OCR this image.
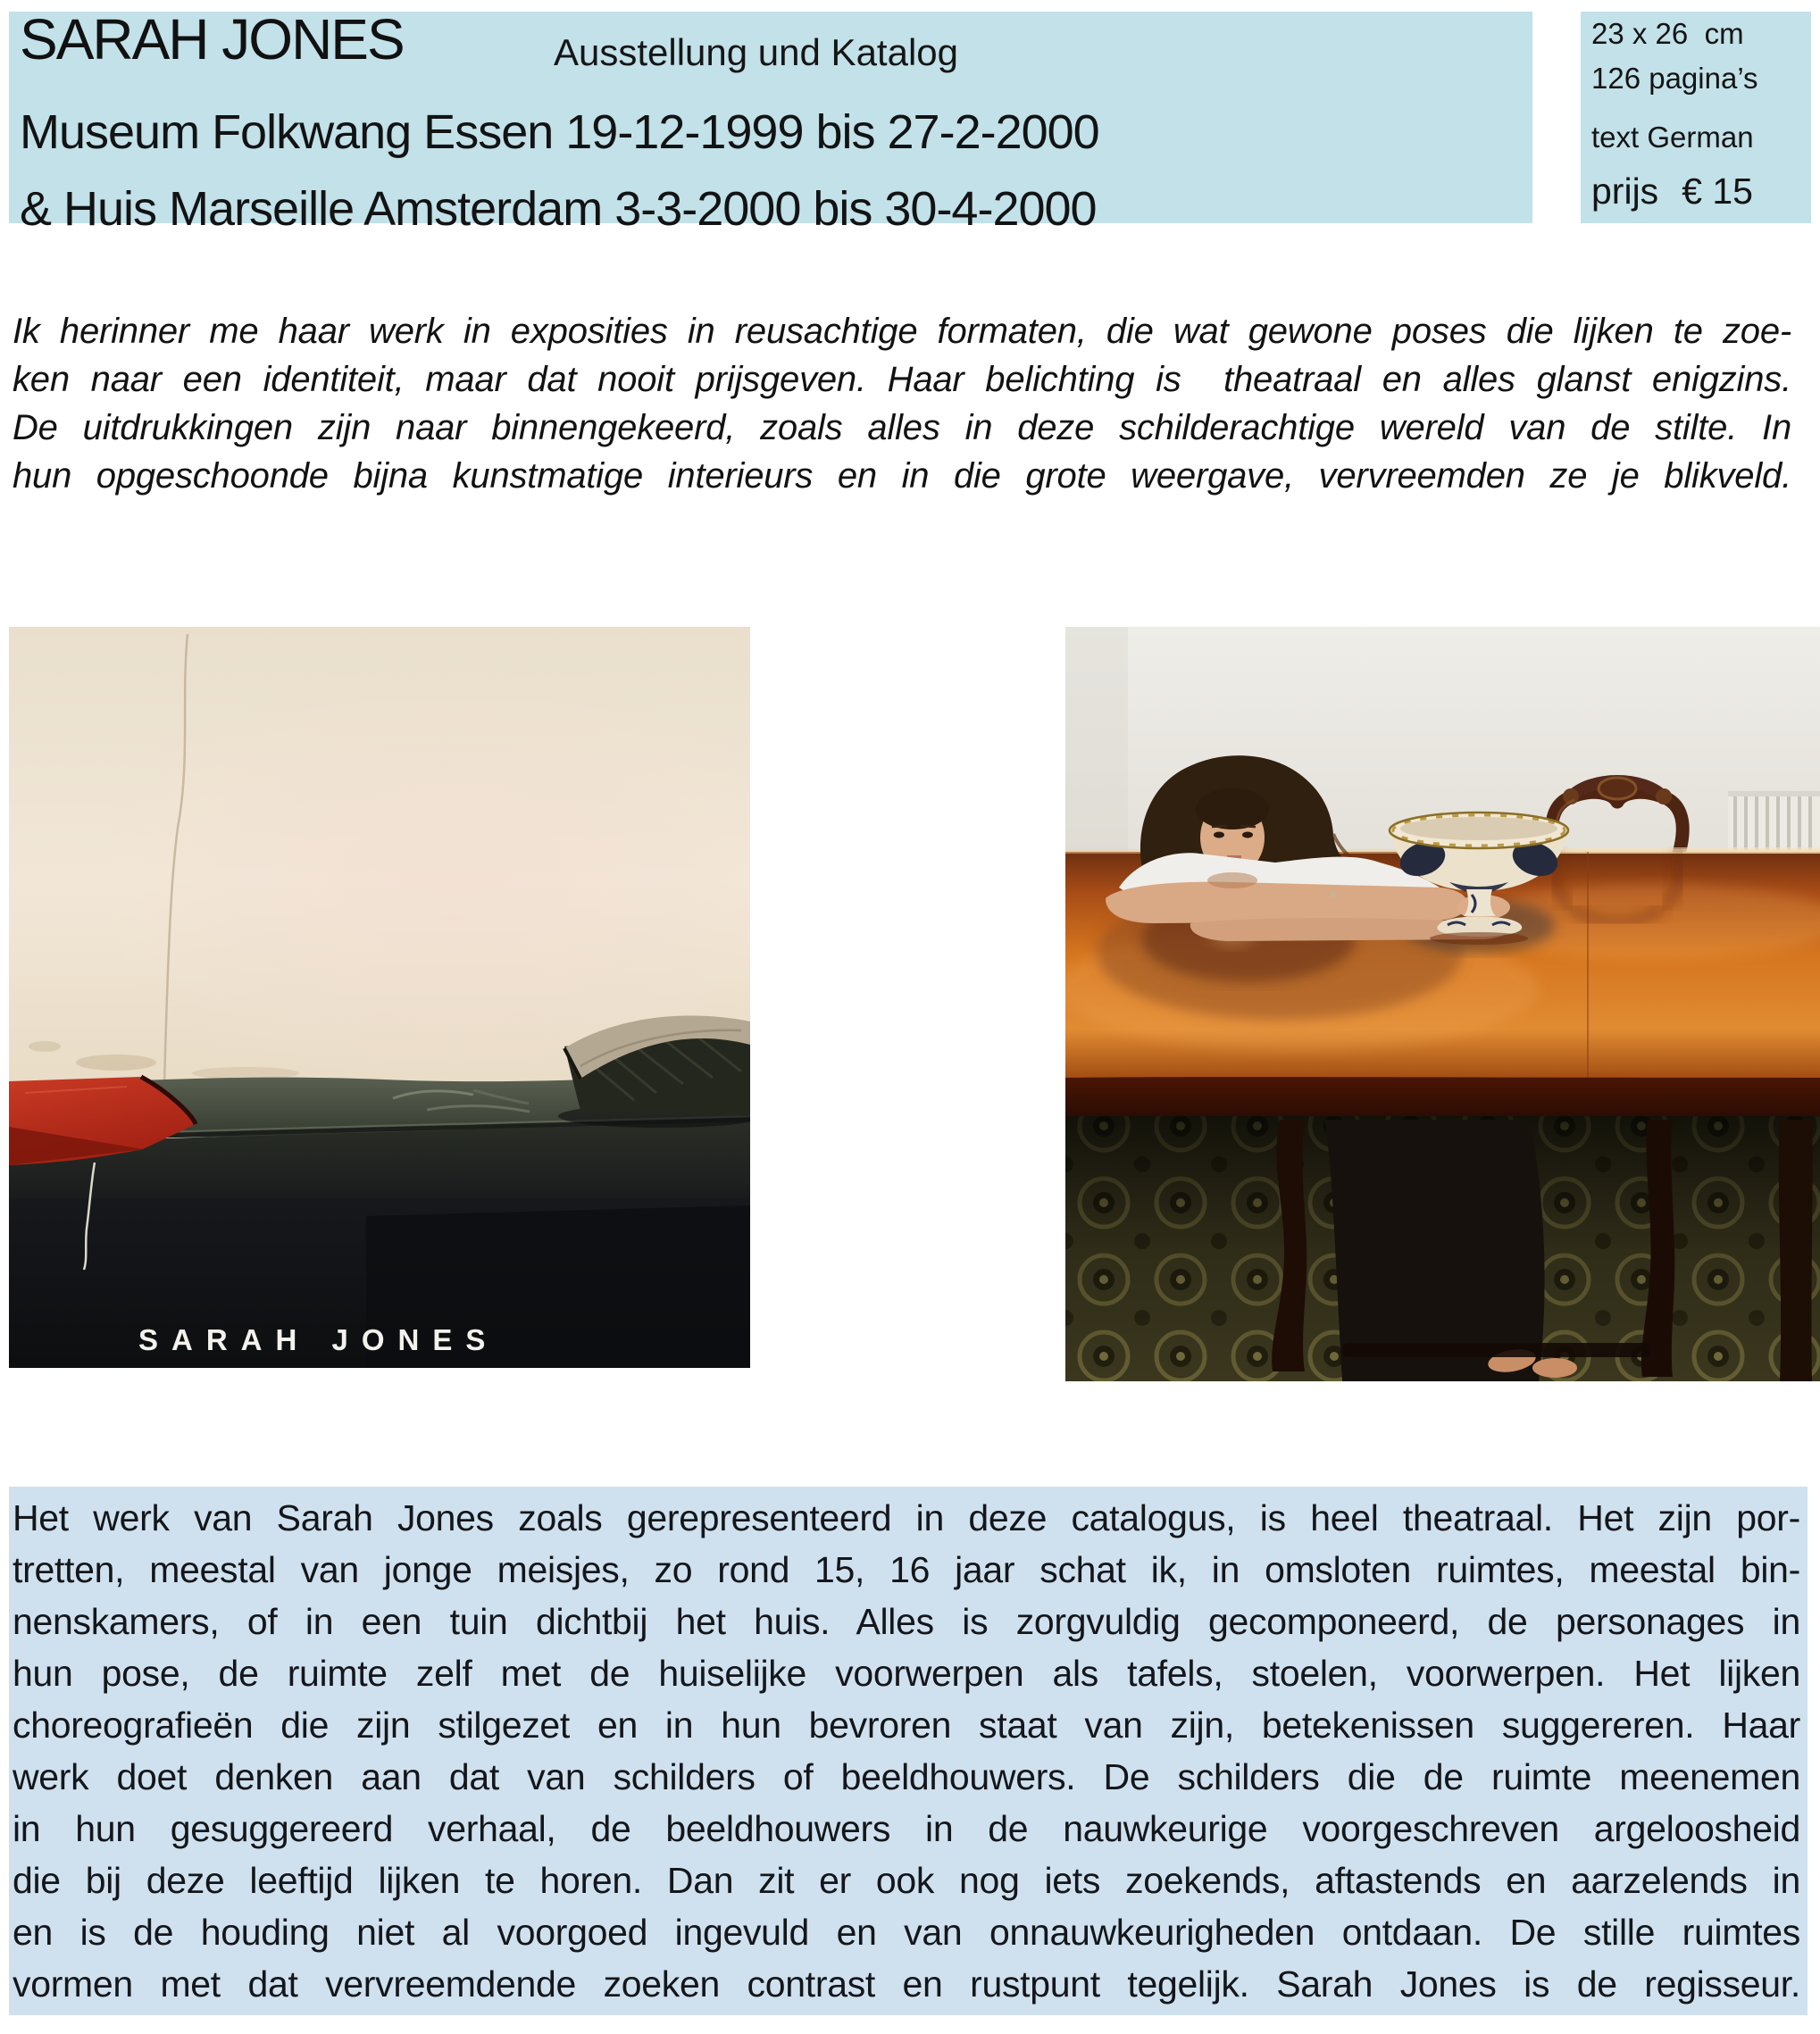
SARAH JONES	Ausstellung und Katalog
Museum Folkwang Essen 19-12-1999 bis 27-2-2000
& Huis Marseille Amsterdam 3-3-2000 bis 30-4-2000
23 x 26  cm
126 pagina’s
text German
prijs € 15
Ik herinner me haar werk in exposities in reusachtige formaten, die wat gewone poses die lijken te zoe-
ken naar een identiteit, maar dat nooit prijsgeven. Haar belichting is  theatraal en alles glanst enigzins.
De uitdrukkingen zijn naar binnengekeerd, zoals alles in deze schilderachtige wereld van de stilte. In
hun opgeschoonde bijna kunstmatige interieurs en in die grote weergave, vervreemden ze je blikveld.
SARAH JONES
Het werk van Sarah Jones zoals gerepresenteerd in deze catalogus, is heel theatraal. Het zijn por-
tretten, meestal van jonge meisjes, zo rond 15, 16 jaar schat ik, in omsloten ruimtes, meestal bin-
nenskamers, of in een tuin dichtbij het huis. Alles is zorgvuldig gecomponeerd, de personages in
hun pose, de ruimte zelf met de huiselijke voorwerpen als tafels, stoelen, voorwerpen. Het lijken
choreografieën die zijn stilgezet en in hun bevroren staat van zijn, betekenissen suggereren. Haar
werk doet denken aan dat van schilders of beeldhouwers. De schilders die de ruimte meenemen
in hun gesuggereerd verhaal, de beeldhouwers in de nauwkeurige voorgeschreven argeloosheid
die bij deze leeftijd lijken te horen. Dan zit er ook nog iets zoekends, aftastends en aarzelends in
en is de houding niet al voorgoed ingevuld en van onnauwkeurigheden ontdaan. De stille ruimtes
vormen met dat vervreemdende zoeken contrast en rustpunt tegelijk. Sarah Jones is de regisseur.
